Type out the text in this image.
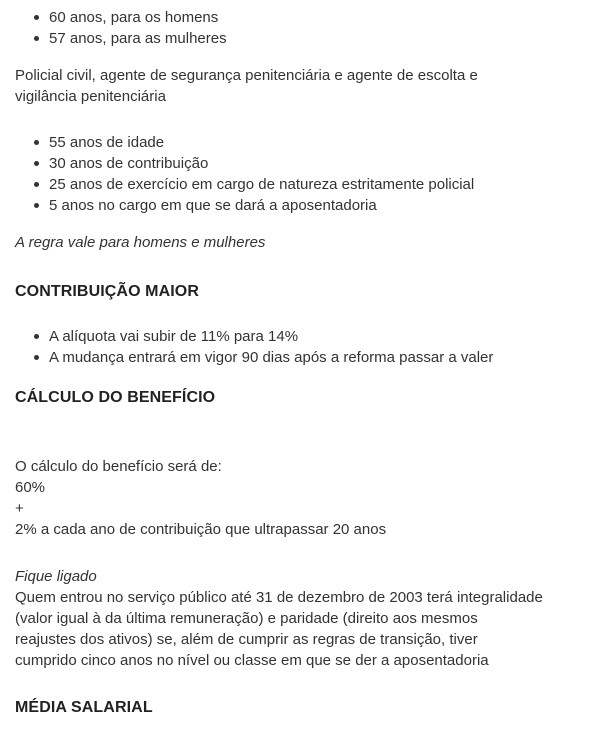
60 anos, para os homens
57 anos, para as mulheres
Policial civil, agente de segurança penitenciária e agente de escolta e
vigilância penitenciária
55 anos de idade
30 anos de contribuição
25 anos de exercício em cargo de natureza estritamente policial
5 anos no cargo em que se dará a aposentadoria
A regra vale para homens e mulheres
CONTRIBUIÇÃO MAIOR
A alíquota vai subir de 11% para 14%
A mudança entrará em vigor 90 dias após a reforma passar a valer
CÁLCULO DO BENEFÍCIO
O cálculo do benefício será de:
60%
+
2% a cada ano de contribuição que ultrapassar 20 anos
Fique ligado
Quem entrou no serviço público até 31 de dezembro de 2003 terá integralidade
(valor igual à da última remuneração) e paridade (direito aos mesmos
reajustes dos ativos) se, além de cumprir as regras de transição, tiver
cumprido cinco anos no nível ou classe em que se der a aposentadoria
MÉDIA SALARIAL
